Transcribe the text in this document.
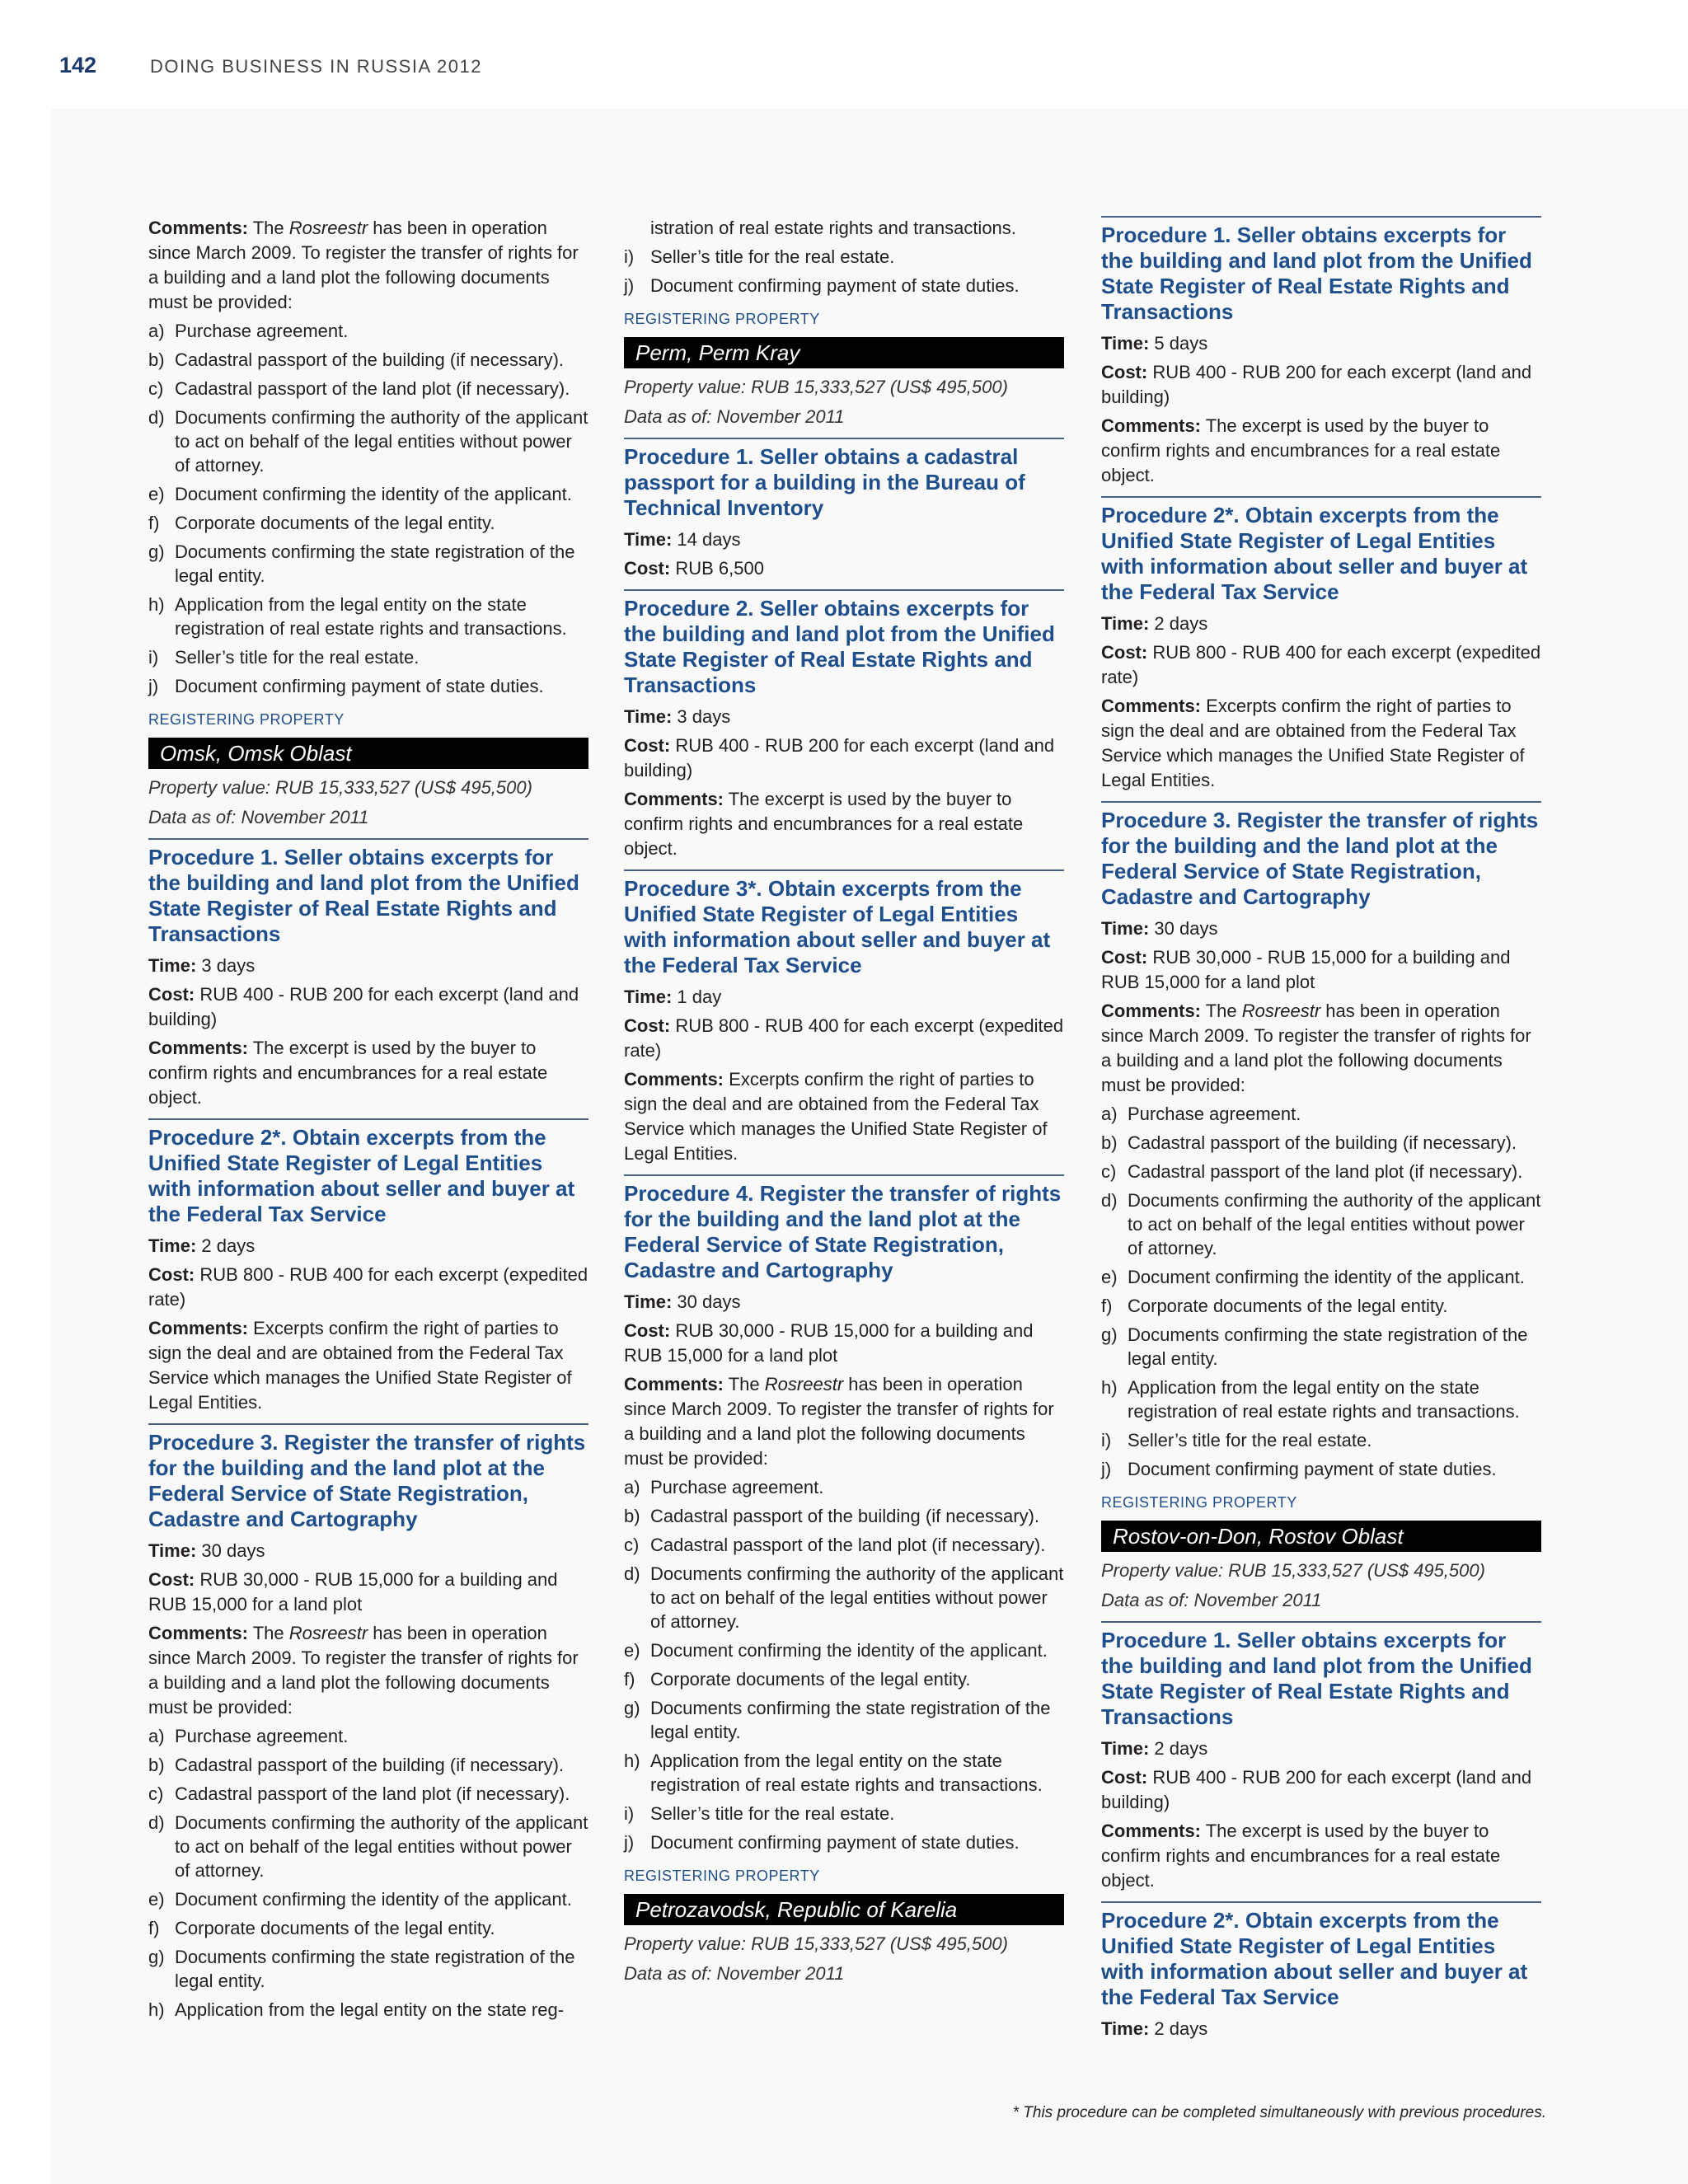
142	DOING BUSINESS IN RUSSIA 2012

Comments: The Rosreestr has been in operation since March 2009. To register the transfer of rights for a building and a land plot the following documents must be provided:

a) Purchase agreement.
b) Cadastral passport of the building (if necessary).
c) Cadastral passport of the land plot (if necessary).
d) Documents confirming the authority of the applicant to act on behalf of the legal entities without power of attorney.
e) Document confirming the identity of the applicant.
f) Corporate documents of the legal entity.
g) Documents confirming the state registration of the legal entity.
h) Application from the legal entity on the state registration of real estate rights and transactions.
i) Seller’s title for the real estate.
j) Document confirming payment of state duties.
REGISTERING PROPERTY
Omsk, Omsk Oblast

Property value: RUB 15,333,527 (US$ 495,500)

Data as of: November 2011

Procedure 1. Seller obtains excerpts for the building and land plot from the Unified State Register of Real Estate Rights and Transactions

Time: 3 days

Cost: RUB 400 - RUB 200 for each excerpt (land and building)

Comments: The excerpt is used by the buyer to confirm rights and encumbrances for a real estate object.

Procedure 2*. Obtain excerpts from the Unified State Register of Legal Entities with information about seller and buyer at the Federal Tax Service

Time: 2 days

Cost: RUB 800 - RUB 400 for each excerpt (expedited rate)

Comments: Excerpts confirm the right of parties to sign the deal and are obtained from the Federal Tax Service which manages the Unified State Register of Legal Entities.

Procedure 3. Register the transfer of rights for the building and the land plot at the Federal Service of State Registration, Cadastre and Cartography

Time: 30 days

Cost: RUB 30,000 - RUB 15,000 for a building and RUB 15,000 for a land plot

Comments: The Rosreestr has been in operation since March 2009. To register the transfer of rights for a building and a land plot the following documents must be provided:

a) Purchase agreement.
b) Cadastral passport of the building (if necessary).
c) Cadastral passport of the land plot (if necessary).
d) Documents confirming the authority of the applicant to act on behalf of the legal entities without power of attorney.
e) Document confirming the identity of the applicant.
f) Corporate documents of the legal entity.
g) Documents confirming the state registration of the legal entity.
h) Application from the legal entity on the state reg-

istration of real estate rights and transactions.

i) Seller’s title for the real estate.
j) Document confirming payment of state duties.
REGISTERING PROPERTY
Perm, Perm Kray

Property value: RUB 15,333,527 (US$ 495,500)

Data as of: November 2011

Procedure 1. Seller obtains a cadastral passport for a building in the Bureau of Technical Inventory

Time: 14 days

Cost: RUB 6,500

Procedure 2. Seller obtains excerpts for the building and land plot from the Unified State Register of Real Estate Rights and Transactions

Time: 3 days

Cost: RUB 400 - RUB 200 for each excerpt (land and building)

Comments: The excerpt is used by the buyer to confirm rights and encumbrances for a real estate object.

Procedure 3*. Obtain excerpts from the Unified State Register of Legal Entities with information about seller and buyer at the Federal Tax Service

Time: 1 day

Cost: RUB 800 - RUB 400 for each excerpt (expedited rate)

Comments: Excerpts confirm the right of parties to sign the deal and are obtained from the Federal Tax Service which manages the Unified State Register of Legal Entities.

Procedure 4. Register the transfer of rights for the building and the land plot at the Federal Service of State Registration, Cadastre and Cartography

Time: 30 days

Cost: RUB 30,000 - RUB 15,000 for a building and RUB 15,000 for a land plot

Comments: The Rosreestr has been in operation since March 2009. To register the transfer of rights for a building and a land plot the following documents must be provided:

a) Purchase agreement.
b) Cadastral passport of the building (if necessary).
c) Cadastral passport of the land plot (if necessary).
d) Documents confirming the authority of the applicant to act on behalf of the legal entities without power of attorney.
e) Document confirming the identity of the applicant.
f) Corporate documents of the legal entity.
g) Documents confirming the state registration of the legal entity.
h) Application from the legal entity on the state registration of real estate rights and transactions.
i) Seller’s title for the real estate.
j) Document confirming payment of state duties.
REGISTERING PROPERTY
Petrozavodsk, Republic of Karelia

Property value: RUB 15,333,527 (US$ 495,500)

Data as of: November 2011

Procedure 1. Seller obtains excerpts for the building and land plot from the Unified State Register of Real Estate Rights and Transactions

Time: 5 days

Cost: RUB 400 - RUB 200 for each excerpt (land and building)

Comments: The excerpt is used by the buyer to confirm rights and encumbrances for a real estate object.

Procedure 2*. Obtain excerpts from the Unified State Register of Legal Entities with information about seller and buyer at the Federal Tax Service

Time: 2 days

Cost: RUB 800 - RUB 400 for each excerpt (expedited rate)

Comments: Excerpts confirm the right of parties to sign the deal and are obtained from the Federal Tax Service which manages the Unified State Register of Legal Entities.

Procedure 3. Register the transfer of rights for the building and the land plot at the Federal Service of State Registration, Cadastre and Cartography

Time: 30 days

Cost: RUB 30,000 - RUB 15,000 for a building and RUB 15,000 for a land plot

Comments: The Rosreestr has been in operation since March 2009. To register the transfer of rights for a building and a land plot the following documents must be provided:

a) Purchase agreement.
b) Cadastral passport of the building (if necessary).
c) Cadastral passport of the land plot (if necessary).
d) Documents confirming the authority of the applicant to act on behalf of the legal entities without power of attorney.
e) Document confirming the identity of the applicant.
f) Corporate documents of the legal entity.
g) Documents confirming the state registration of the legal entity.
h) Application from the legal entity on the state registration of real estate rights and transactions.
i) Seller’s title for the real estate.
j) Document confirming payment of state duties.
REGISTERING PROPERTY
Rostov-on-Don, Rostov Oblast

Property value: RUB 15,333,527 (US$ 495,500)

Data as of: November 2011

Procedure 1. Seller obtains excerpts for the building and land plot from the Unified State Register of Real Estate Rights and Transactions

Time: 2 days

Cost: RUB 400 - RUB 200 for each excerpt (land and building)

Comments: The excerpt is used by the buyer to confirm rights and encumbrances for a real estate object.

Procedure 2*. Obtain excerpts from the Unified State Register of Legal Entities with information about seller and buyer at the Federal Tax Service

Time: 2 days

* This procedure can be completed simultaneously with previous procedures.
